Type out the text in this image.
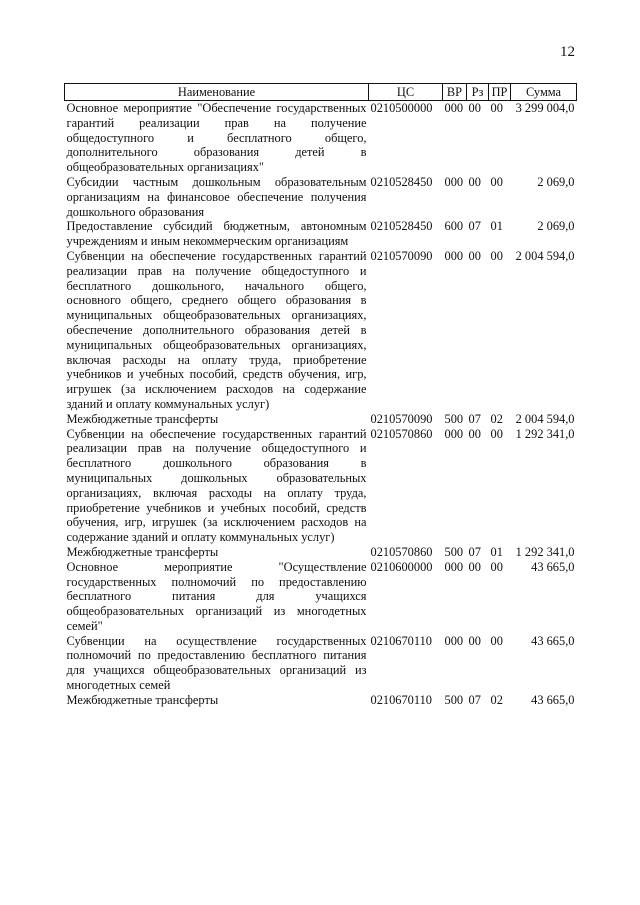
12
Наименование	ЦС	ВР	Рз	ПР	Сумма
Основное мероприятие "Обеспечение государственных гарантий реализации прав на получение общедоступного и бесплатного общего, дополнительного образования детей в общеобразовательных организациях"	0210500000	000	00	00	3 299 004,0
Субсидии частным дошкольным образовательным организациям на финансовое обеспечение получения дошкольного образования	0210528450	000	00	00	2 069,0
Предоставление субсидий бюджетным, автономным учреждениям и иным некоммерческим организациям	0210528450	600	07	01	2 069,0
Субвенции на обеспечение государственных гарантий реализации прав на получение общедоступного и бесплатного дошкольного, начального общего, основного общего, среднего общего образования в муниципальных общеобразовательных организациях, обеспечение дополнительного образования детей в муниципальных общеобразовательных организациях, включая расходы на оплату труда, приобретение учебников и учебных пособий, средств обучения, игр, игрушек (за исключением расходов на содержание зданий и оплату коммунальных услуг)	0210570090	000	00	00	2 004 594,0
Межбюджетные трансферты	0210570090	500	07	02	2 004 594,0
Субвенции на обеспечение государственных гарантий реализации прав на получение общедоступного и бесплатного дошкольного образования в муниципальных дошкольных образовательных организациях, включая расходы на оплату труда, приобретение учебников и учебных пособий, средств обучения, игр, игрушек (за исключением расходов на содержание зданий и оплату коммунальных услуг)	0210570860	000	00	00	1 292 341,0
Межбюджетные трансферты	0210570860	500	07	01	1 292 341,0
Основное мероприятие "Осуществление государственных полномочий по предоставлению бесплатного питания для учащихся общеобразовательных организаций из многодетных семей"	0210600000	000	00	00	43 665,0
Субвенции на осуществление государственных полномочий по предоставлению бесплатного питания для учащихся общеобразовательных организаций из многодетных семей	0210670110	000	00	00	43 665,0
Межбюджетные трансферты	0210670110	500	07	02	43 665,0
